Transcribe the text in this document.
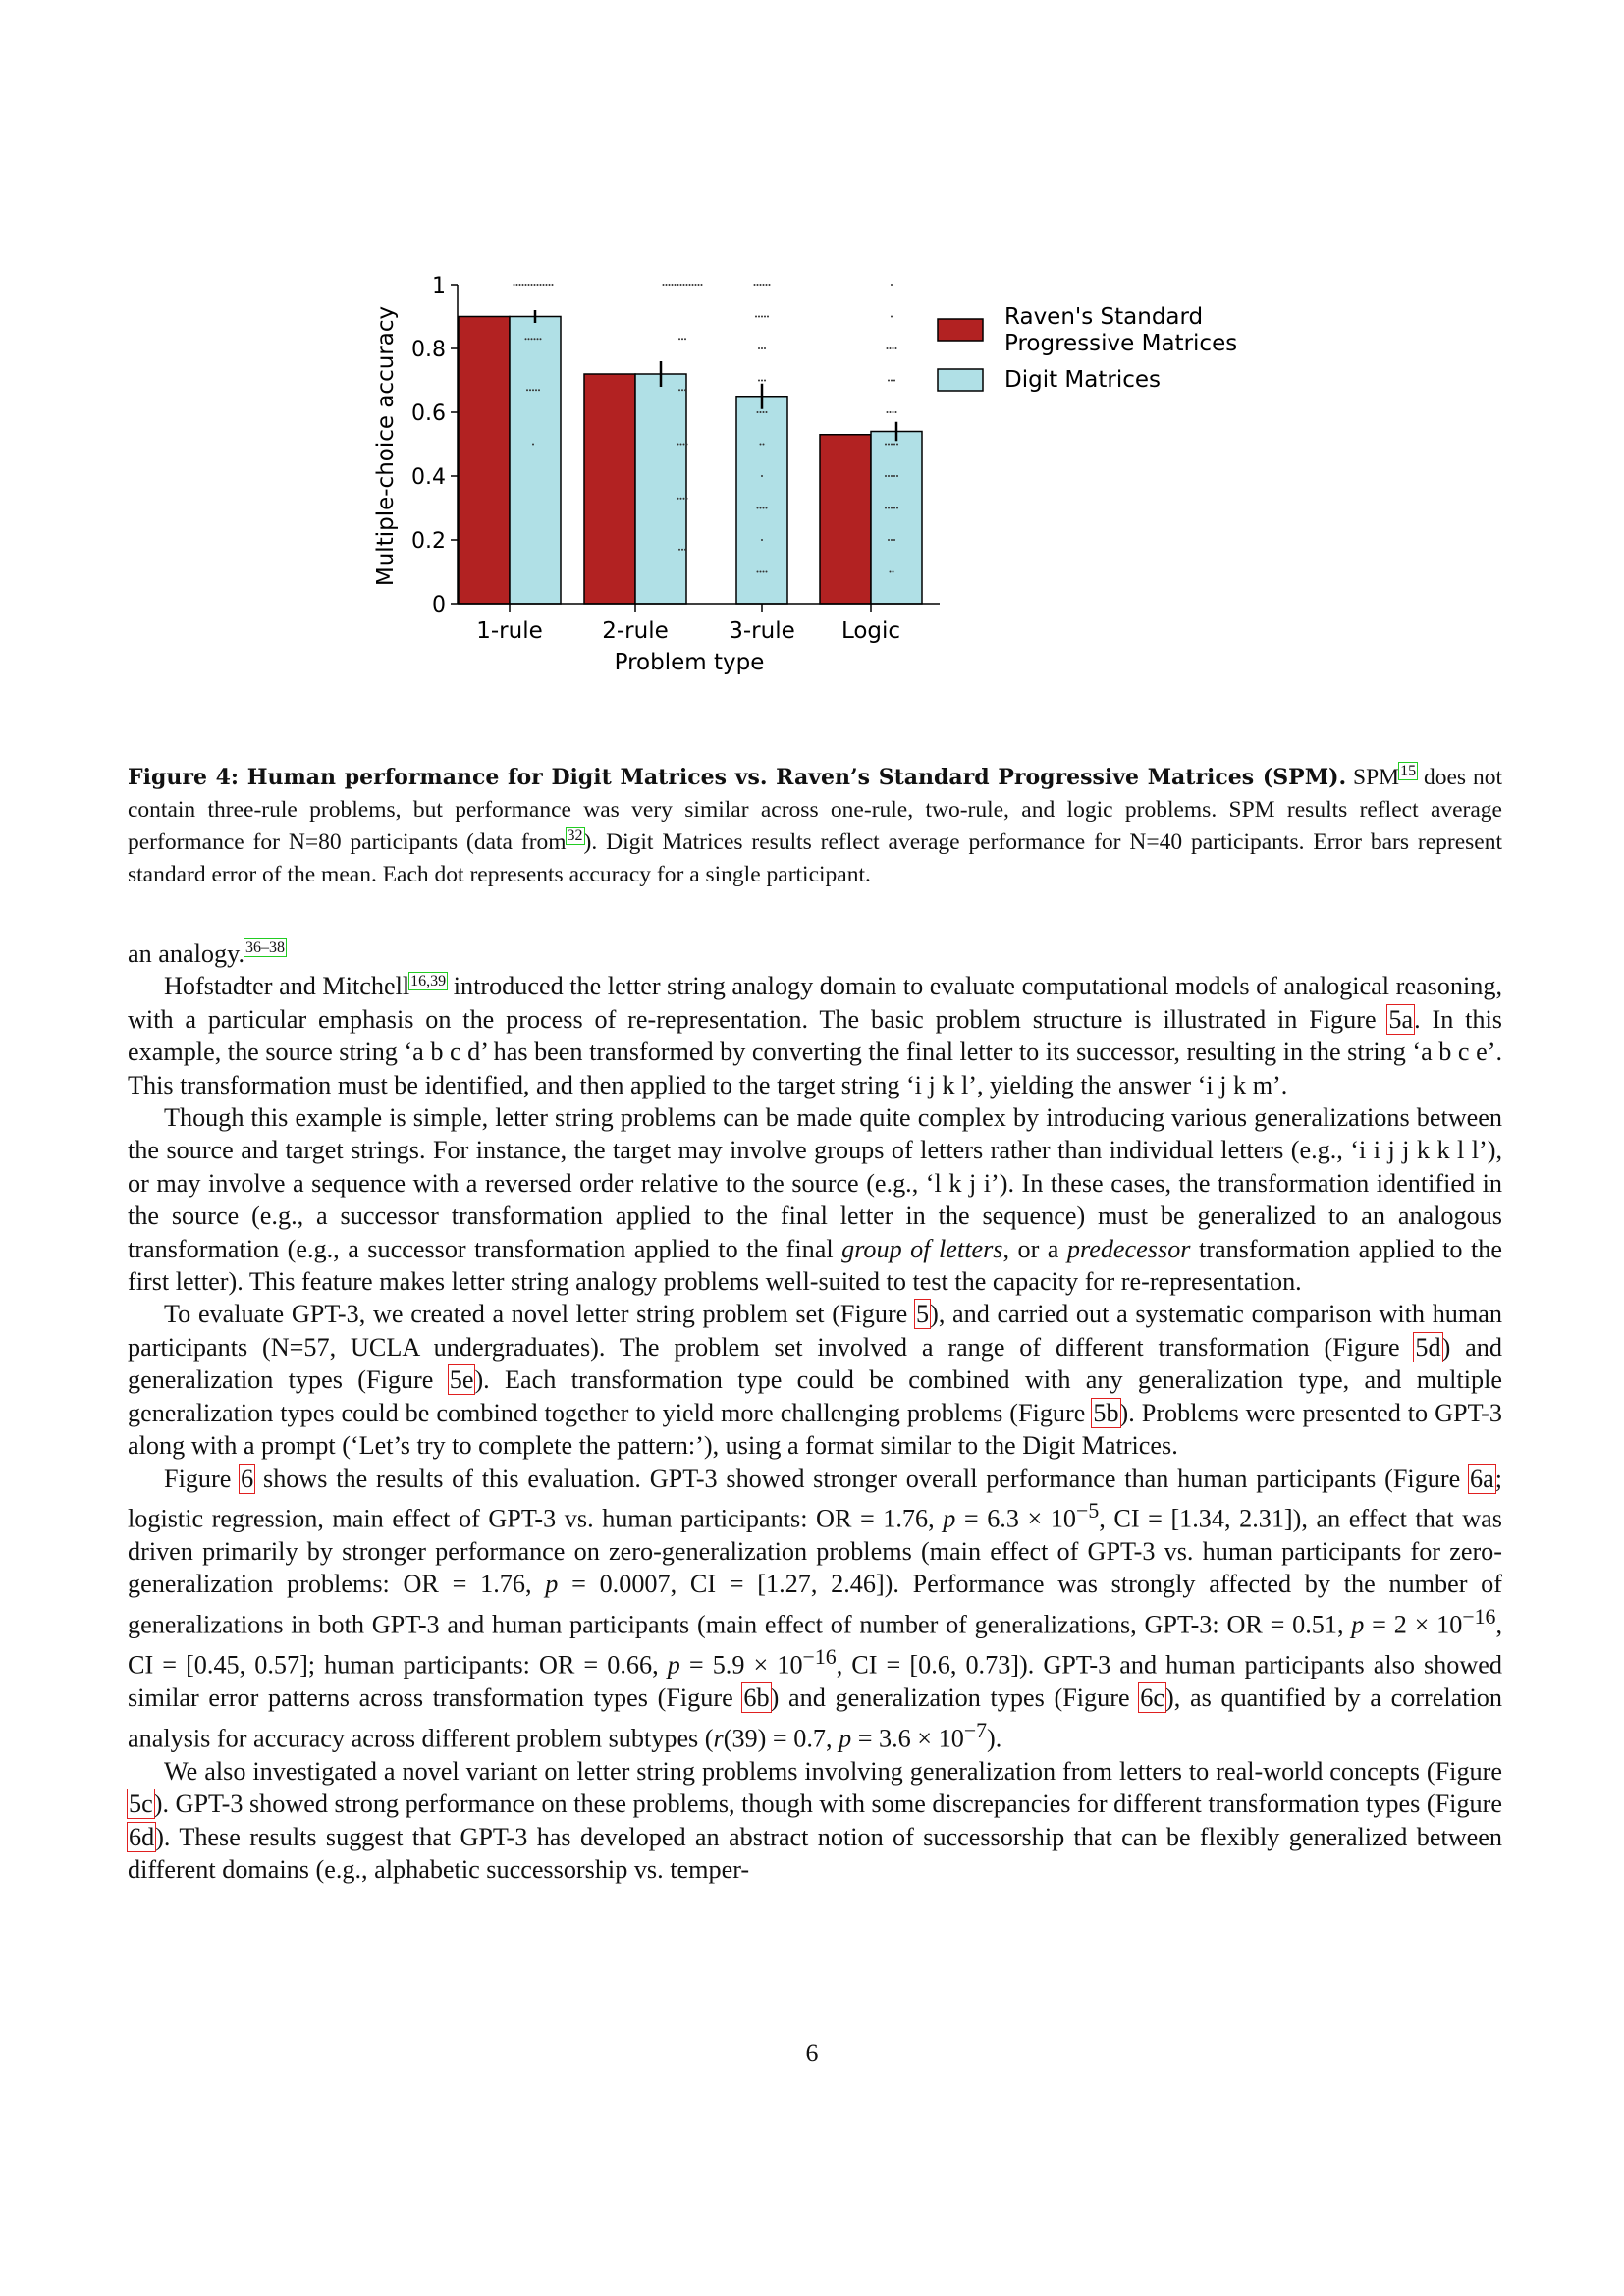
0
0.2
0.4
0.6
0.8
1
1-rule	2-rule	3-rule Logic
Problem type
Multiple-choice accuracy	Raven's Standard
Progressive Matrices
Digit Matrices
Figure 4: Human performance for Digit Matrices vs. Raven’s Standard Progressive Matrices (SPM). SPM$^{15}$ does not contain three-rule problems, but performance was very similar across one-rule, two-rule, and logic problems. SPM results reflect average performance for N=80 participants (data from$^{32}$). Digit Matrices results reflect average performance for N=40 participants. Error bars represent standard error of the mean. Each dot represents accuracy for a single participant.

an analogy.$^{36-38}$

Hofstadter and Mitchell$^{16,39}$ introduced the letter string analogy domain to evaluate computational models of analogical reasoning, with a particular emphasis on the process of re-representation. The basic problem structure is illustrated in Figure 5a. In this example, the source string ‘a b c d’ has been transformed by converting the final letter to its successor, resulting in the string ‘a b c e’. This transformation must be identified, and then applied to the target string ‘i j k l’, yielding the answer ‘i j k m’.

Though this example is simple, letter string problems can be made quite complex by introducing various generalizations between the source and target strings. For instance, the target may involve groups of letters rather than individual letters (e.g., ‘i i j j k k l l’), or may involve a sequence with a reversed order relative to the source (e.g., ‘l k j i’). In these cases, the transformation identified in the source (e.g., a successor transformation applied to the final letter in the sequence) must be generalized to an analogous transformation (e.g., a successor transformation applied to the final group of letters, or a predecessor transformation applied to the first letter). This feature makes letter string analogy problems well-suited to test the capacity for re-representation.

To evaluate GPT-3, we created a novel letter string problem set (Figure 5), and carried out a systematic comparison with human participants (N=57, UCLA undergraduates). The problem set involved a range of different transformation (Figure 5d) and generalization types (Figure 5e). Each transformation type could be combined with any generalization type, and multiple generalization types could be combined together to yield more challenging problems (Figure 5b). Problems were presented to GPT-3 along with a prompt (‘Let’s try to complete the pattern:’), using a format similar to the Digit Matrices.

Figure 6 shows the results of this evaluation. GPT-3 showed stronger overall performance than human participants (Figure 6a; logistic regression, main effect of GPT-3 vs. human participants: OR = 1.76, $p = 6.3 \times 10^{-5}$, CI = [1.34, 2.31]), an effect that was driven primarily by stronger performance on zero-generalization problems (main effect of GPT-3 vs. human participants for zero-generalization problems: OR = 1.76, p = 0.0007, CI = [1.27, 2.46]). Performance was strongly affected by the number of generalizations in both GPT-3 and human participants (main effect of number of generalizations, GPT-3: OR = 0.51, $p = 2 \times 10^{-16}$, CI = [0.45, 0.57]; human participants: OR = 0.66, $p = 5.9 \times 10^{-16}$, CI = [0.6, 0.73]). GPT-3 and human participants also showed similar error patterns across transformation types (Figure 6b) and generalization types (Figure 6c), as quantified by a correlation analysis for accuracy across different problem subtypes (r(39) = 0.7, $p = 3.6 \times 10^{-7}$).

We also investigated a novel variant on letter string problems involving generalization from letters to real-world concepts (Figure 5c). GPT-3 showed strong performance on these problems, though with some discrepancies for different transformation types (Figure 6d). These results suggest that GPT-3 has developed an abstract notion of successorship that can be flexibly generalized between different domains (e.g., alphabetic successorship vs. temper-

6
